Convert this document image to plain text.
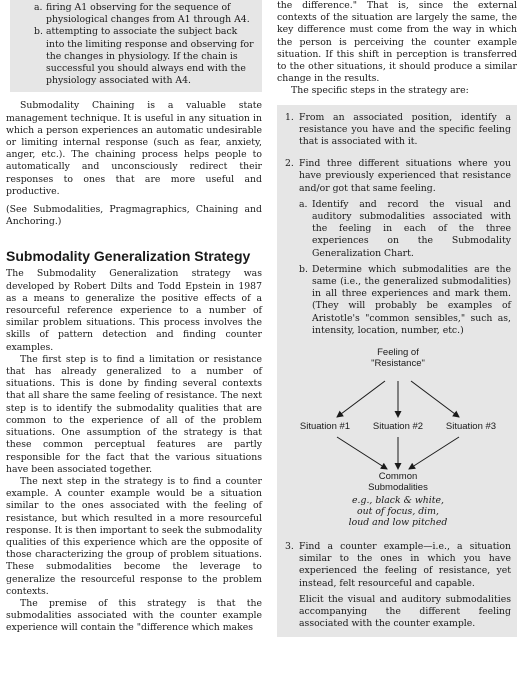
a. firing A1 observing for the sequence of physiological changes from A1 through A4.
b. attempting to associate the subject back into the limiting response and observing for the changes in physiology. If the chain is successful you should always end with the physiology associated with A4.

Submodality Chaining is a valuable state management technique. It is useful in any situation in which a person experiences an automatic undesirable or limiting internal response (such as fear, anxiety, anger, etc.). The chaining process helps people to automatically and unconsciously redirect their responses to ones that are more useful and productive.

(See Submodalities, Pragmagraphics, Chaining and Anchoring.)

Submodality Generalization Strategy

The Submodality Generalization strategy was developed by Robert Dilts and Todd Epstein in 1987 as a means to generalize the positive effects of a resourceful reference experience to a number of similar problem situations. This process involves the skills of pattern detection and finding counter examples.

The first step is to find a limitation or resistance that has already generalized to a number of situations. This is done by finding several contexts that all share the same feeling of resistance. The next step is to identify the submodality qualities that are common to the experience of all of the problem situations. One assumption of the strategy is that these common perceptual features are partly responsible for the fact that the various situations have been associated together.

The next step in the strategy is to find a counter example. A counter example would be a situation similar to the ones associated with the feeling of resistance, but which resulted in a more resourceful response. It is then important to seek the submodality qualities of this experience which are the opposite of those characterizing the group of problem situations. These submodalities become the leverage to generalize the resourceful response to the problem contexts.

The premise of this strategy is that the submodalities associated with the counter example experience will contain the "difference which makes

the difference." That is, since the external contexts of the situation are largely the same, the key difference must come from the way in which the person is perceiving the counter example situation. If this shift in perception is transferred to the other situations, it should produce a similar change in the results.

The specific steps in the strategy are:

1. From an associated position, identify a resistance you have and the specific feeling that is associated with it.
2. Find three different situations where you have previously experienced that resistance and/or got that same feeling.
a. Identify and record the visual and auditory submodalities associated with the feeling in each of the three experiences on the Submodality Generalization Chart.
b. Determine which submodalities are the same (i.e., the generalized submodalities) in all three experiences and mark them. (They will probably be examples of Aristotle's "common sensibles," such as, intensity, location, number, etc.)
Feeling of
"Resistance"
Situation #1	Situation #2	Situation #3
Common
Submodalities
e.g., black & white,
out of focus, dim,
loud and low pitched
3. Find a counter example—i.e., a situation similar to the ones in which you have experienced the feeling of resistance, yet instead, felt resourceful and capable.

Elicit the visual and auditory submodalities accompanying the different feeling associated with the counter example.
